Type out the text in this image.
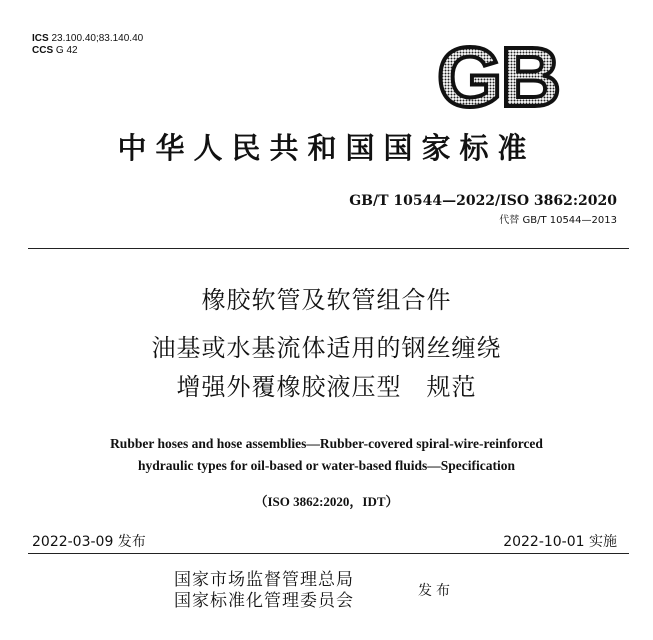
ICS 23.100.40;83.140.40
CCS G 42	GB
中华人民共和国国家标准
GB/T 10544—2022/ISO 3862:2020
代替 GB/T 10544—2013
橡胶软管及软管组合件
油基或水基流体适用的钢丝缠绕
增强外覆橡胶液压型　规范
Rubber hoses and hose assemblies—Rubber-covered spiral-wire-reinforced
hydraulic types for oil-based or water-based fluids—Specification
（ISO 3862:2020，IDT）
2022-03-09 发布	2022-10-01 实施
国家市场监督管理总局
国家标准化管理委员会	发布
